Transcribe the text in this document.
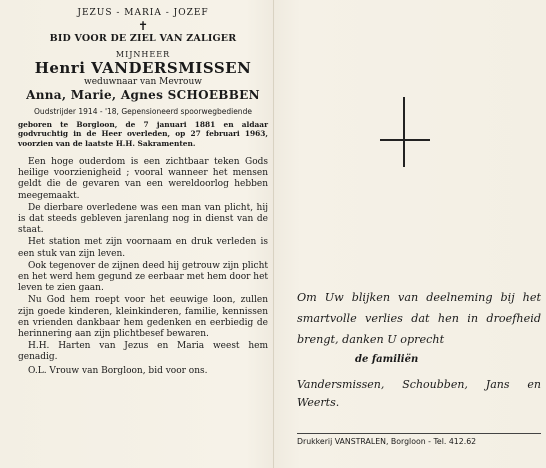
JEZUS - MARIA - JOZEF
✝
BID VOOR DE ZIEL VAN ZALIGER
MIJNHEER
Henri VANDERSMISSEN
weduwnaar van Mevrouw
Anna, Marie, Agnes SCHOEBBEN
Oudstrijder 1914 - '18, Gepensioneerd spoorwegbediende
geboren te Borgloon, de 7 januari 1881 en aldaar godvruchtig in de Heer overleden, op 27 februari 1963, voorzien van de laatste H.H. Sakramenten.

Een hoge ouderdom is een zichtbaar teken Gods heilige voorzienigheid ; vooral wanneer het mensen geldt die de gevaren van een wereldoorlog hebben meegemaakt.

De dierbare overledene was een man van plicht, hij is dat steeds gebleven jarenlang nog in dienst van de staat.

Het station met zijn voornaam en druk verleden is een stuk van zijn leven.

Ook tegenover de zijnen deed hij getrouw zijn plicht en het werd hem gegund ze eerbaar met hem door het leven te zien gaan.

Nu God hem roept voor het eeuwige loon, zullen zijn goede kinderen, kleinkinderen, familie, kennissen en vrienden dankbaar hem gedenken en eerbiedig de herinnering aan zijn plichtbesef bewaren.

H.H. Harten van Jezus en Maria weest hem genadig.

O.L. Vrouw van Borgloon, bid voor ons.

Om Uw blijken van deelneming bij het smartvolle verlies dat hen in droefheid brengt, danken U oprecht
de familiën
Vandersmissen, Schoubben, Jans en Weerts.
Drukkerij VANSTRALEN, Borgloon - Tel. 412.62
